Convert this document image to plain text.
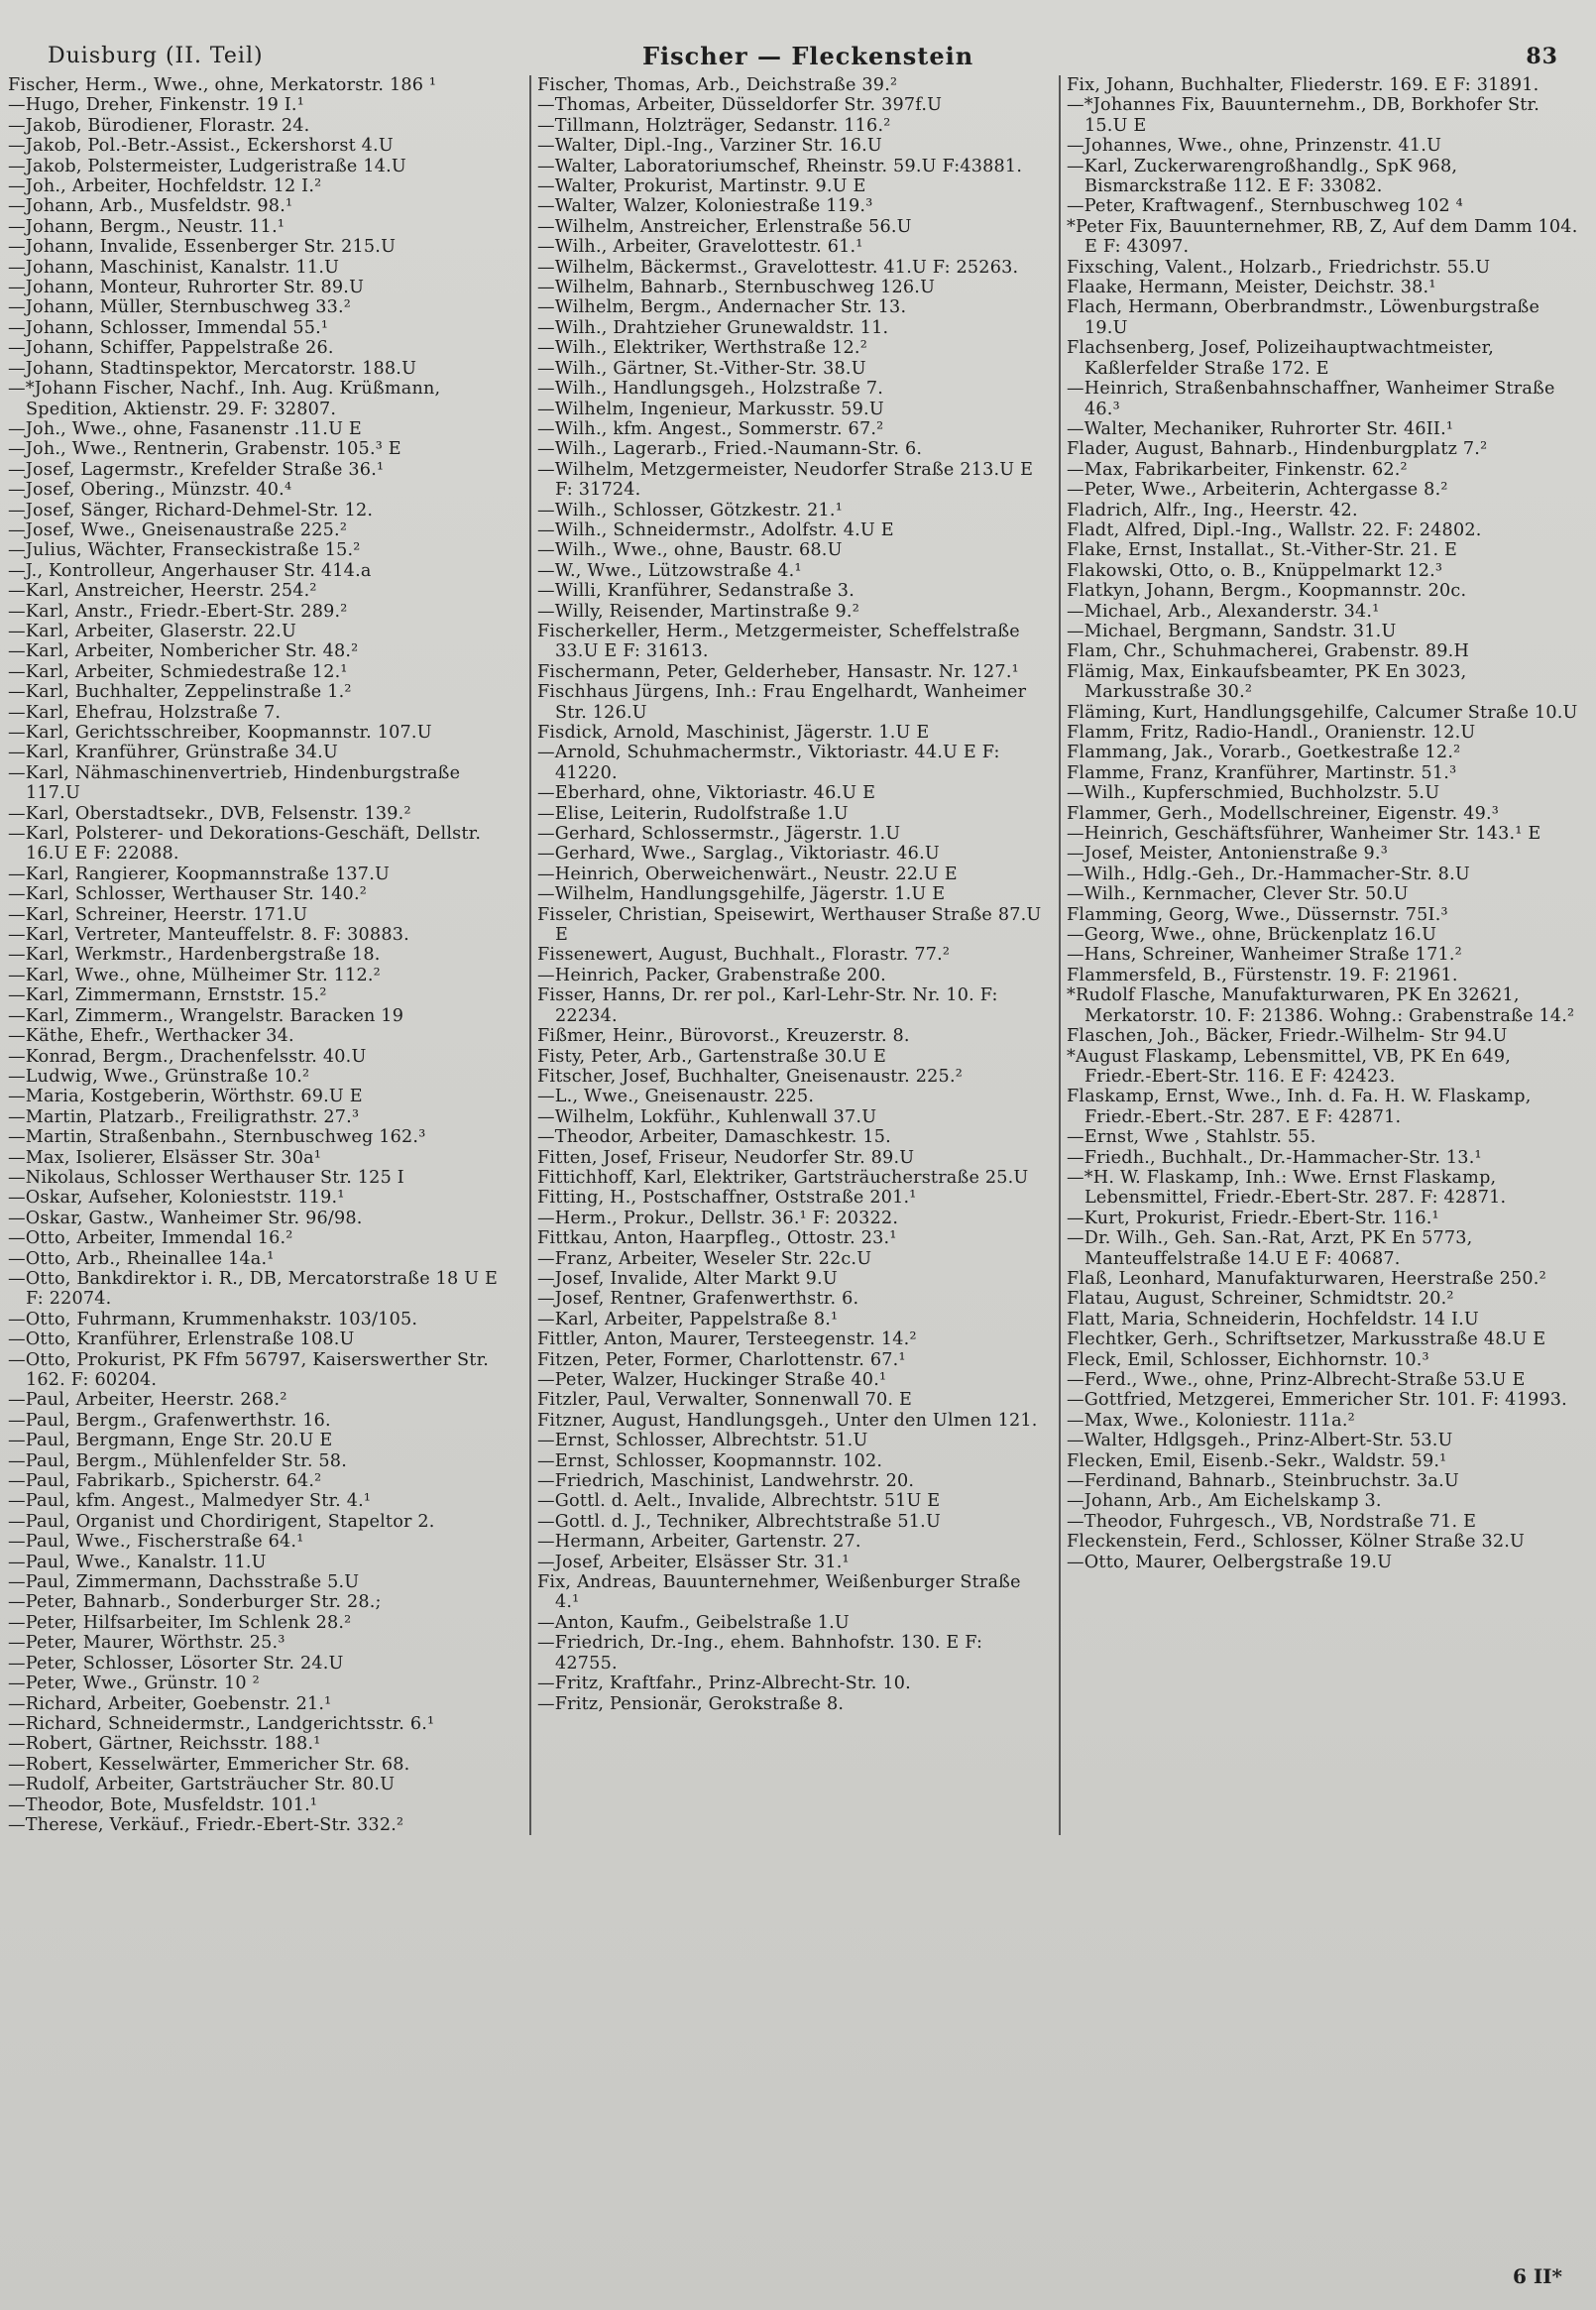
Duisburg (II. Teil)	Fischer — Fleckenstein	83
Fischer, Herm., Wwe., ohne, Merkatorstr. 186 ¹
—Hugo, Dreher, Finkenstr. 19 I.¹
—Jakob, Bürodiener, Florastr. 24.
—Jakob, Pol.-Betr.-Assist., Eckershorst 4.U
—Jakob, Polstermeister, Ludgeristraße 14.U
—Joh., Arbeiter, Hochfeldstr. 12 I.²
—Johann, Arb., Musfeldstr. 98.¹
—Johann, Bergm., Neustr. 11.¹
—Johann, Invalide, Essenberger Str. 215.U
—Johann, Maschinist, Kanalstr. 11.U
—Johann, Monteur, Ruhrorter Str. 89.U
—Johann, Müller, Sternbuschweg 33.²
—Johann, Schlosser, Immendal 55.¹
—Johann, Schiffer, Pappelstraße 26.
—Johann, Stadtinspektor, Mercatorstr. 188.U
—*Johann Fischer, Nachf., Inh. Aug. Krüßmann, Spedition, Aktienstr. 29. F: 32807.
—Joh., Wwe., ohne, Fasanenstr .11.U E
—Joh., Wwe., Rentnerin, Grabenstr. 105.³ E
—Josef, Lagermstr., Krefelder Straße 36.¹
—Josef, Obering., Münzstr. 40.⁴
—Josef, Sänger, Richard-Dehmel-Str. 12.
—Josef, Wwe., Gneisenaustraße 225.²
—Julius, Wächter, Franseckistraße 15.²
—J., Kontrolleur, Angerhauser Str. 414.a
—Karl, Anstreicher, Heerstr. 254.²
—Karl, Anstr., Friedr.-Ebert-Str. 289.²
—Karl, Arbeiter, Glaserstr. 22.U
—Karl, Arbeiter, Nombericher Str. 48.²
—Karl, Arbeiter, Schmiedestraße 12.¹
—Karl, Buchhalter, Zeppelinstraße 1.²
—Karl, Ehefrau, Holzstraße 7.
—Karl, Gerichtsschreiber, Koopmannstr. 107.U
—Karl, Kranführer, Grünstraße 34.U
—Karl, Nähmaschinenvertrieb, Hindenburgstraße 117.U
—Karl, Oberstadtsekr., DVB, Felsenstr. 139.²
—Karl, Polsterer- und Dekorations-Geschäft, Dellstr. 16.U E F: 22088.
—Karl, Rangierer, Koopmannstraße 137.U
—Karl, Schlosser, Werthauser Str. 140.²
—Karl, Schreiner, Heerstr. 171.U
—Karl, Vertreter, Manteuffelstr. 8. F: 30883.
—Karl, Werkmstr., Hardenbergstraße 18.
—Karl, Wwe., ohne, Mülheimer Str. 112.²
—Karl, Zimmermann, Ernststr. 15.²
—Karl, Zimmerm., Wrangelstr. Baracken 19
—Käthe, Ehefr., Werthacker 34.
—Konrad, Bergm., Drachenfelsstr. 40.U
—Ludwig, Wwe., Grünstraße 10.²
—Maria, Kostgeberin, Wörthstr. 69.U E
—Martin, Platzarb., Freiligrathstr. 27.³
—Martin, Straßenbahn., Sternbuschweg 162.³
—Max, Isolierer, Elsässer Str. 30a¹
—Nikolaus, Schlosser Werthauser Str. 125 I
—Oskar, Aufseher, Kolonieststr. 119.¹
—Oskar, Gastw., Wanheimer Str. 96/98.
—Otto, Arbeiter, Immendal 16.²
—Otto, Arb., Rheinallee 14a.¹
—Otto, Bankdirektor i. R., DB, Mercatorstraße 18 U E F: 22074.
—Otto, Fuhrmann, Krummenhakstr. 103/105.
—Otto, Kranführer, Erlenstraße 108.U
—Otto, Prokurist, PK Ffm 56797, Kaiserswerther Str. 162. F: 60204.
—Paul, Arbeiter, Heerstr. 268.²
—Paul, Bergm., Grafenwerthstr. 16.
—Paul, Bergmann, Enge Str. 20.U E
—Paul, Bergm., Mühlenfelder Str. 58.
—Paul, Fabrikarb., Spicherstr. 64.²
—Paul, kfm. Angest., Malmedyer Str. 4.¹
—Paul, Organist und Chordirigent, Stapeltor 2.
—Paul, Wwe., Fischerstraße 64.¹
—Paul, Wwe., Kanalstr. 11.U
—Paul, Zimmermann, Dachsstraße 5.U
—Peter, Bahnarb., Sonderburger Str. 28.;
—Peter, Hilfsarbeiter, Im Schlenk 28.²
—Peter, Maurer, Wörthstr. 25.³
—Peter, Schlosser, Lösorter Str. 24.U
—Peter, Wwe., Grünstr. 10 ²
—Richard, Arbeiter, Goebenstr. 21.¹
—Richard, Schneidermstr., Landgerichtsstr. 6.¹
—Robert, Gärtner, Reichsstr. 188.¹
—Robert, Kesselwärter, Emmericher Str. 68.
—Rudolf, Arbeiter, Gartsträucher Str. 80.U
—Theodor, Bote, Musfeldstr. 101.¹
—Therese, Verkäuf., Friedr.-Ebert-Str. 332.²
Fischer, Thomas, Arb., Deichstraße 39.²
—Thomas, Arbeiter, Düsseldorfer Str. 397f.U
—Tillmann, Holzträger, Sedanstr. 116.²
—Walter, Dipl.-Ing., Varziner Str. 16.U
—Walter, Laboratoriumschef, Rheinstr. 59.U F:43881.
—Walter, Prokurist, Martinstr. 9.U E
—Walter, Walzer, Koloniestraße 119.³
—Wilhelm, Anstreicher, Erlenstraße 56.U
—Wilh., Arbeiter, Gravelottestr. 61.¹
—Wilhelm, Bäckermst., Gravelottestr. 41.U F: 25263.
—Wilhelm, Bahnarb., Sternbuschweg 126.U
—Wilhelm, Bergm., Andernacher Str. 13.
—Wilh., Drahtzieher Grunewaldstr. 11.
—Wilh., Elektriker, Werthstraße 12.²
—Wilh., Gärtner, St.-Vither-Str. 38.U
—Wilh., Handlungsgeh., Holzstraße 7.
—Wilhelm, Ingenieur, Markusstr. 59.U
—Wilh., kfm. Angest., Sommerstr. 67.²
—Wilh., Lagerarb., Fried.-Naumann-Str. 6.
—Wilhelm, Metzgermeister, Neudorfer Straße 213.U E F: 31724.
—Wilh., Schlosser, Götzkestr. 21.¹
—Wilh., Schneidermstr., Adolfstr. 4.U E
—Wilh., Wwe., ohne, Baustr. 68.U
—W., Wwe., Lützowstraße 4.¹
—Willi, Kranführer, Sedanstraße 3.
—Willy, Reisender, Martinstraße 9.²
Fischerkeller, Herm., Metzgermeister, Scheffelstraße 33.U E F: 31613.
Fischermann, Peter, Gelderheber, Hansastr. Nr. 127.¹
Fischhaus Jürgens, Inh.: Frau Engelhardt, Wanheimer Str. 126.U
Fisdick, Arnold, Maschinist, Jägerstr. 1.U E
—Arnold, Schuhmachermstr., Viktoriastr. 44.U E F: 41220.
—Eberhard, ohne, Viktoriastr. 46.U E
—Elise, Leiterin, Rudolfstraße 1.U
—Gerhard, Schlossermstr., Jägerstr. 1.U
—Gerhard, Wwe., Sarglag., Viktoriastr. 46.U
—Heinrich, Oberweichenwärt., Neustr. 22.U E
—Wilhelm, Handlungsgehilfe, Jägerstr. 1.U E
Fisseler, Christian, Speisewirt, Werthauser Straße 87.U E
Fissenewert, August, Buchhalt., Florastr. 77.²
—Heinrich, Packer, Grabenstraße 200.
Fisser, Hanns, Dr. rer pol., Karl-Lehr-Str. Nr. 10. F: 22234.
Fißmer, Heinr., Bürovorst., Kreuzerstr. 8.
Fisty, Peter, Arb., Gartenstraße 30.U E
Fitscher, Josef, Buchhalter, Gneisenaustr. 225.²
—L., Wwe., Gneisenaustr. 225.
—Wilhelm, Lokführ., Kuhlenwall 37.U
—Theodor, Arbeiter, Damaschkestr. 15.
Fitten, Josef, Friseur, Neudorfer Str. 89.U
Fittichhoff, Karl, Elektriker, Gartsträucherstraße 25.U
Fitting, H., Postschaffner, Oststraße 201.¹
—Herm., Prokur., Dellstr. 36.¹ F: 20322.
Fittkau, Anton, Haarpfleg., Ottostr. 23.¹
—Franz, Arbeiter, Weseler Str. 22c.U
—Josef, Invalide, Alter Markt 9.U
—Josef, Rentner, Grafenwerthstr. 6.
—Karl, Arbeiter, Pappelstraße 8.¹
Fittler, Anton, Maurer, Tersteegenstr. 14.²
Fitzen, Peter, Former, Charlottenstr. 67.¹
—Peter, Walzer, Huckinger Straße 40.¹
Fitzler, Paul, Verwalter, Sonnenwall 70. E
Fitzner, August, Handlungsgeh., Unter den Ulmen 121.
—Ernst, Schlosser, Albrechtstr. 51.U
—Ernst, Schlosser, Koopmannstr. 102.
—Friedrich, Maschinist, Landwehrstr. 20.
—Gottl. d. Aelt., Invalide, Albrechtstr. 51U E
—Gottl. d. J., Techniker, Albrechtstraße 51.U
—Hermann, Arbeiter, Gartenstr. 27.
—Josef, Arbeiter, Elsässer Str. 31.¹
Fix, Andreas, Bauunternehmer, Weißenburger Straße 4.¹
—Anton, Kaufm., Geibelstraße 1.U
—Friedrich, Dr.-Ing., ehem. Bahnhofstr. 130. E F: 42755.
—Fritz, Kraftfahr., Prinz-Albrecht-Str. 10.
—Fritz, Pensionär, Gerokstraße 8.
Fix, Johann, Buchhalter, Fliederstr. 169. E F: 31891.
—*Johannes Fix, Bauunternehm., DB, Borkhofer Str. 15.U E
—Johannes, Wwe., ohne, Prinzenstr. 41.U
—Karl, Zuckerwarengroßhandlg., SpK 968, Bismarckstraße 112. E F: 33082.
—Peter, Kraftwagenf., Sternbuschweg 102 ⁴
*Peter Fix, Bauunternehmer, RB, Z, Auf dem Damm 104. E F: 43097.
Fixsching, Valent., Holzarb., Friedrichstr. 55.U
Flaake, Hermann, Meister, Deichstr. 38.¹
Flach, Hermann, Oberbrandmstr., Löwenburgstraße 19.U
Flachsenberg, Josef, Polizeihauptwachtmeister, Kaßlerfelder Straße 172. E
—Heinrich, Straßenbahnschaffner, Wanheimer Straße 46.³
—Walter, Mechaniker, Ruhrorter Str. 46II.¹
Flader, August, Bahnarb., Hindenburgplatz 7.²
—Max, Fabrikarbeiter, Finkenstr. 62.²
—Peter, Wwe., Arbeiterin, Achtergasse 8.²
Fladrich, Alfr., Ing., Heerstr. 42.
Fladt, Alfred, Dipl.-Ing., Wallstr. 22. F: 24802.
Flake, Ernst, Installat., St.-Vither-Str. 21. E
Flakowski, Otto, o. B., Knüppelmarkt 12.³
Flatkyn, Johann, Bergm., Koopmannstr. 20c.
—Michael, Arb., Alexanderstr. 34.¹
—Michael, Bergmann, Sandstr. 31.U
Flam, Chr., Schuhmacherei, Grabenstr. 89.H
Flämig, Max, Einkaufsbeamter, PK En 3023, Markusstraße 30.²
Fläming, Kurt, Handlungsgehilfe, Calcumer Straße 10.U
Flamm, Fritz, Radio-Handl., Oranienstr. 12.U
Flammang, Jak., Vorarb., Goetkestraße 12.²
Flamme, Franz, Kranführer, Martinstr. 51.³
—Wilh., Kupferschmied, Buchholzstr. 5.U
Flammer, Gerh., Modellschreiner, Eigenstr. 49.³
—Heinrich, Geschäftsführer, Wanheimer Str. 143.¹ E
—Josef, Meister, Antonienstraße 9.³
—Wilh., Hdlg.-Geh., Dr.-Hammacher-Str. 8.U
—Wilh., Kernmacher, Clever Str. 50.U
Flamming, Georg, Wwe., Düssernstr. 75I.³
—Georg, Wwe., ohne, Brückenplatz 16.U
—Hans, Schreiner, Wanheimer Straße 171.²
Flammersfeld, B., Fürstenstr. 19. F: 21961.
*Rudolf Flasche, Manufakturwaren, PK En 32621, Merkatorstr. 10. F: 21386. Wohng.: Grabenstraße 14.²
Flaschen, Joh., Bäcker, Friedr.-Wilhelm- Str 94.U
*August Flaskamp, Lebensmittel, VB, PK En 649, Friedr.-Ebert-Str. 116. E F: 42423.
Flaskamp, Ernst, Wwe., Inh. d. Fa. H. W. Flaskamp, Friedr.-Ebert.-Str. 287. E F: 42871.
—Ernst, Wwe , Stahlstr. 55.
—Friedh., Buchhalt., Dr.-Hammacher-Str. 13.¹
—*H. W. Flaskamp, Inh.: Wwe. Ernst Flaskamp, Lebensmittel, Friedr.-Ebert-Str. 287. F: 42871.
—Kurt, Prokurist, Friedr.-Ebert-Str. 116.¹
—Dr. Wilh., Geh. San.-Rat, Arzt, PK En 5773, Manteuffelstraße 14.U E F: 40687.
Flaß, Leonhard, Manufakturwaren, Heerstraße 250.²
Flatau, August, Schreiner, Schmidtstr. 20.²
Flatt, Maria, Schneiderin, Hochfeldstr. 14 I.U
Flechtker, Gerh., Schriftsetzer, Markusstraße 48.U E
Fleck, Emil, Schlosser, Eichhornstr. 10.³
—Ferd., Wwe., ohne, Prinz-Albrecht-Straße 53.U E
—Gottfried, Metzgerei, Emmericher Str. 101. F: 41993.
—Max, Wwe., Koloniestr. 111a.²
—Walter, Hdlgsgeh., Prinz-Albert-Str. 53.U
Flecken, Emil, Eisenb.-Sekr., Waldstr. 59.¹
—Ferdinand, Bahnarb., Steinbruchstr. 3a.U
—Johann, Arb., Am Eichelskamp 3.
—Theodor, Fuhrgesch., VB, Nordstraße 71. E
Fleckenstein, Ferd., Schlosser, Kölner Straße 32.U
—Otto, Maurer, Oelbergstraße 19.U
6 II*
